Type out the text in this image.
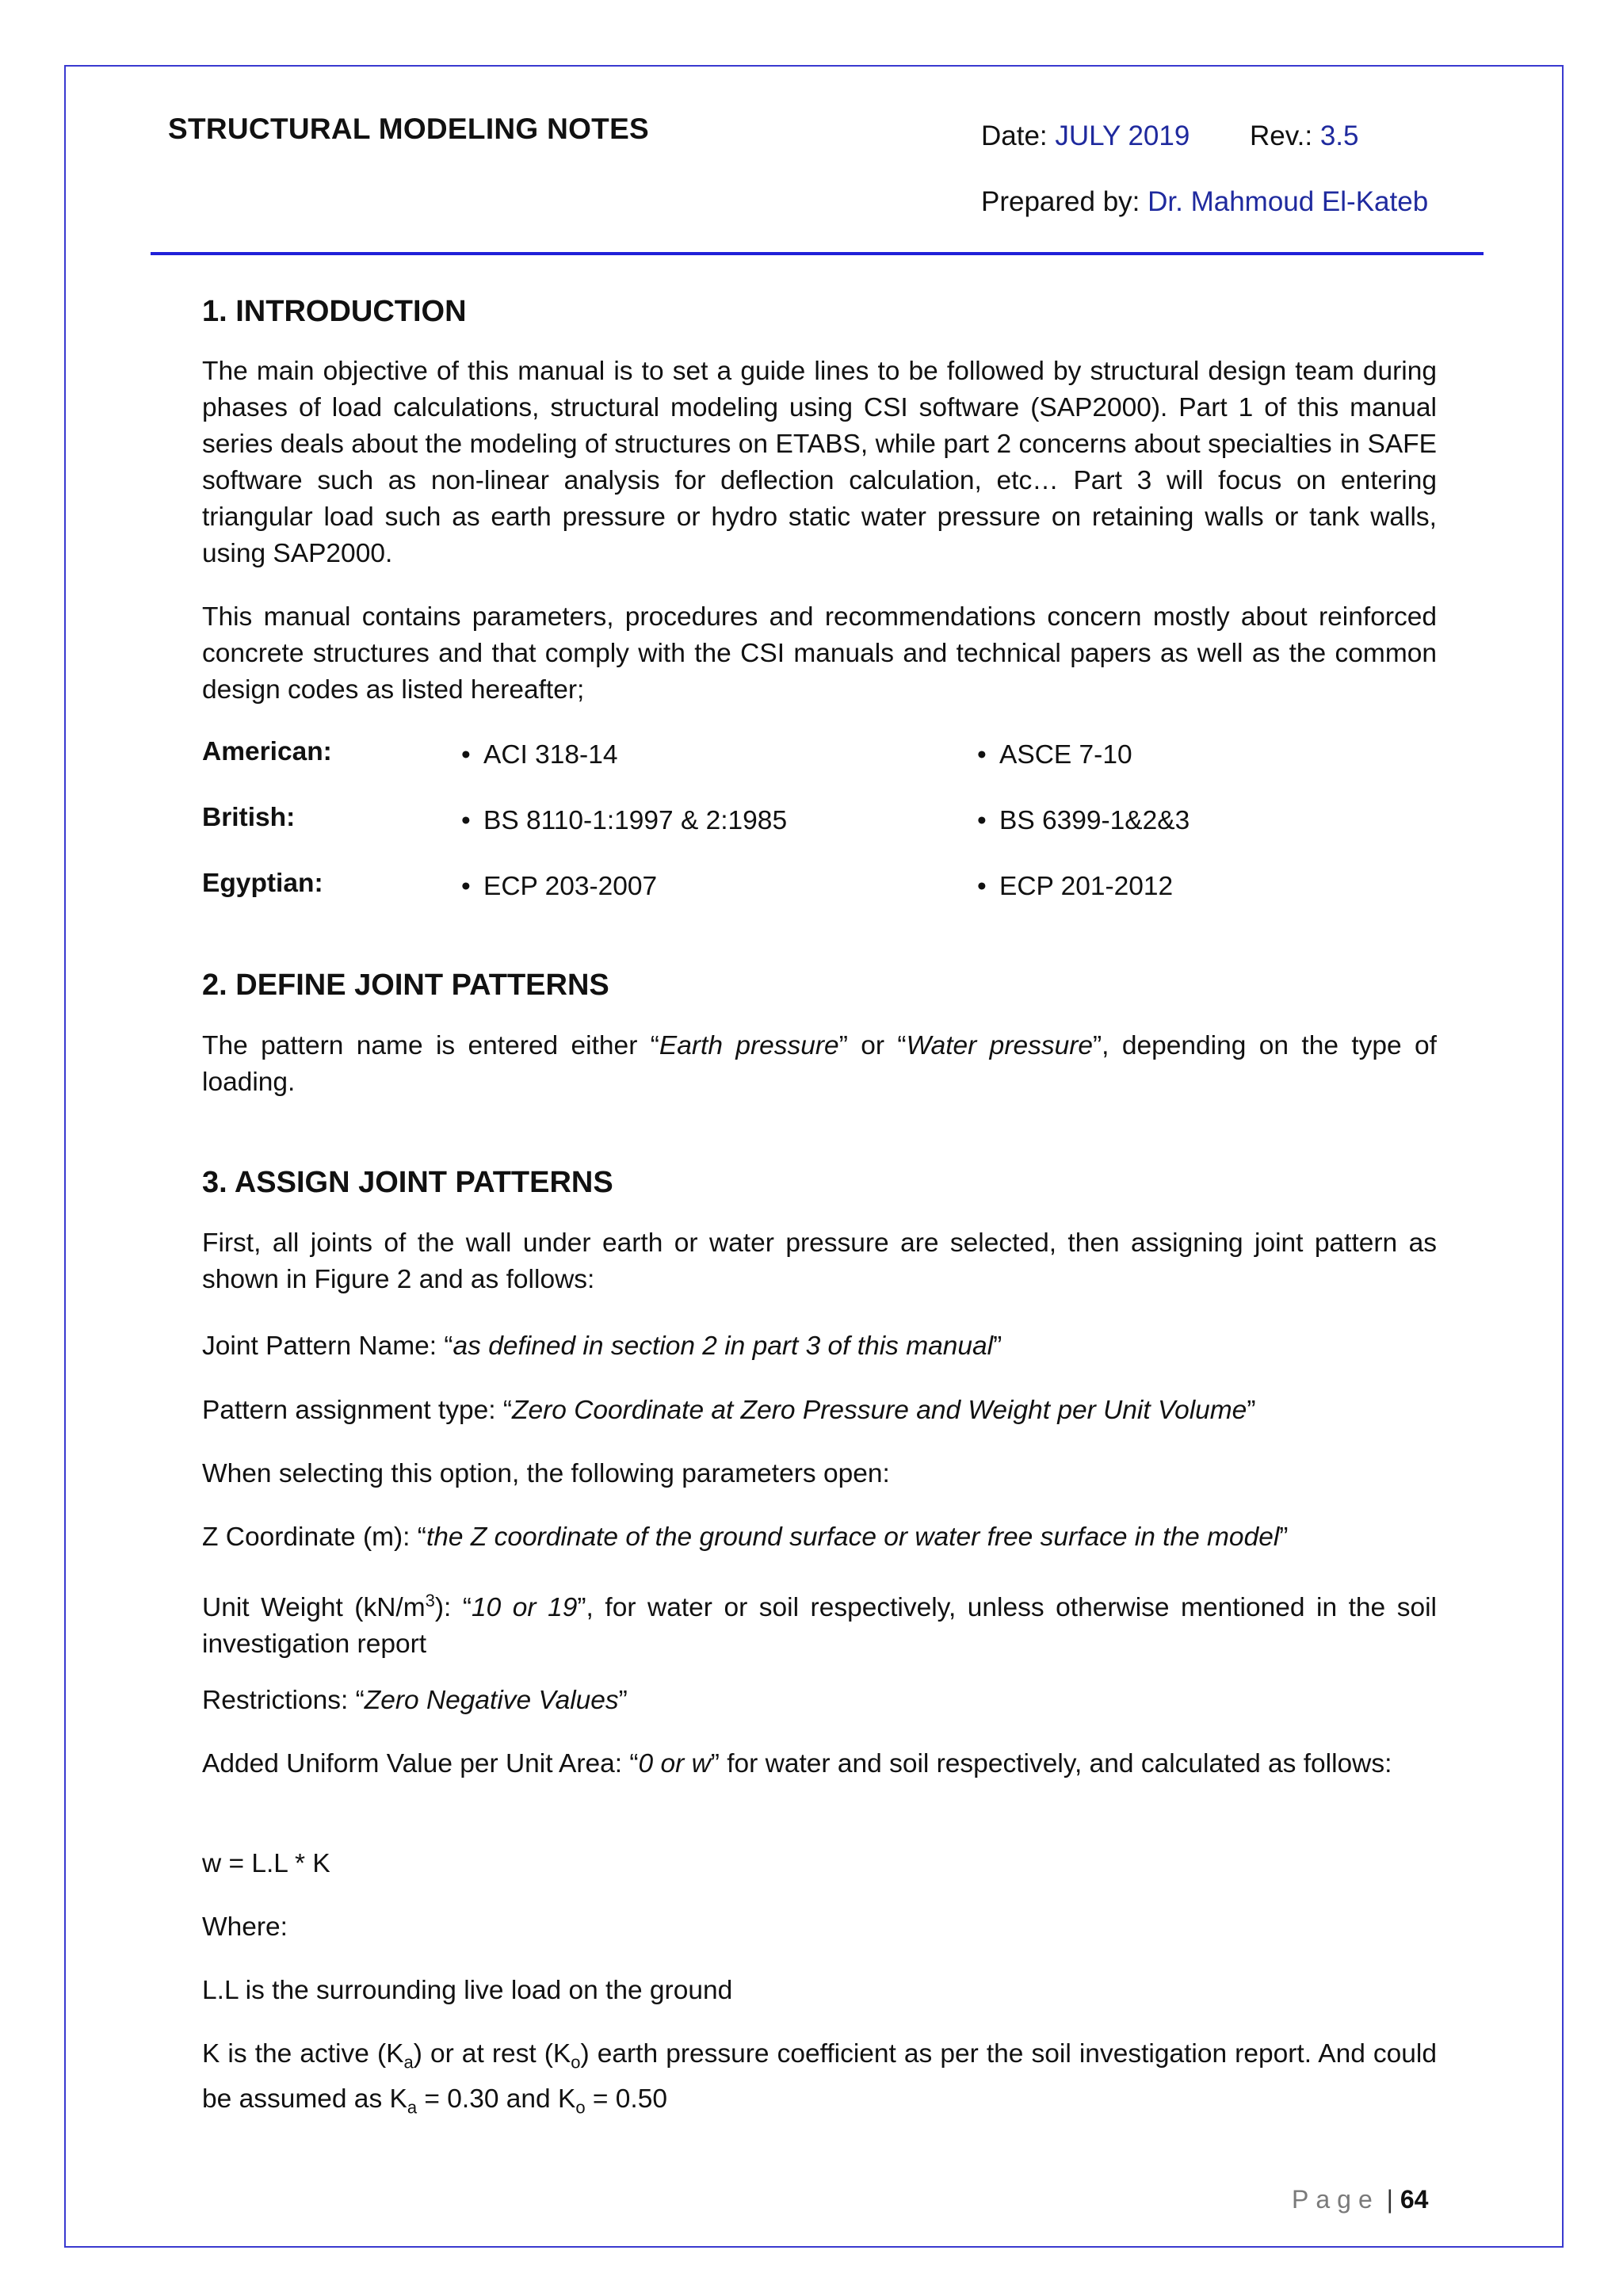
STRUCTURAL MODELING NOTES	Date: JULY 2019 Rev.: 3.5
Prepared by: Dr. Mahmoud El-Kateb
1. INTRODUCTION

The main objective of this manual is to set a guide lines to be followed by structural design team during phases of load calculations, structural modeling using CSI software (SAP2000). Part 1 of this manual series deals about the modeling of structures on ETABS, while part 2 concerns about specialties in SAFE software such as non-linear analysis for deflection calculation, etc… Part 3 will focus on entering triangular load such as earth pressure or hydro static water pressure on retaining walls or tank walls, using SAP2000.

This manual contains parameters, procedures and recommendations concern mostly about reinforced concrete structures and that comply with the CSI manuals and technical papers as well as the common design codes as listed hereafter;

American:	• ACI 318-14	• ASCE 7-10
British:	• BS 8110-1:1997 & 2:1985	• BS 6399-1&2&3
Egyptian:	• ECP 203-2007	• ECP 201-2012
2. DEFINE JOINT PATTERNS

The pattern name is entered either “Earth pressure” or “Water pressure”, depending on the type of loading.

3. ASSIGN JOINT PATTERNS

First, all joints of the wall under earth or water pressure are selected, then assigning joint pattern as shown in Figure 2 and as follows:

Joint Pattern Name: “as defined in section 2 in part 3 of this manual”

Pattern assignment type: “Zero Coordinate at Zero Pressure and Weight per Unit Volume”

When selecting this option, the following parameters open:

Z Coordinate (m): “the Z coordinate of the ground surface or water free surface in the model”

Unit Weight $(kN/m^3)$: “10 or 19”, for water or soil respectively, unless otherwise mentioned in the soil investigation report

Restrictions: “Zero Negative Values”

Added Uniform Value per Unit Area: “0 or w” for water and soil respectively, and calculated as follows:

w = L.L * K

Where:

L.L is the surrounding live load on the ground

K is the active $(K_a)$ or at rest $(K_o)$ earth pressure coefficient as per the soil investigation report. And could be assumed as $K_a = 0.30$ and $K_o = 0.50$

Page | 64
